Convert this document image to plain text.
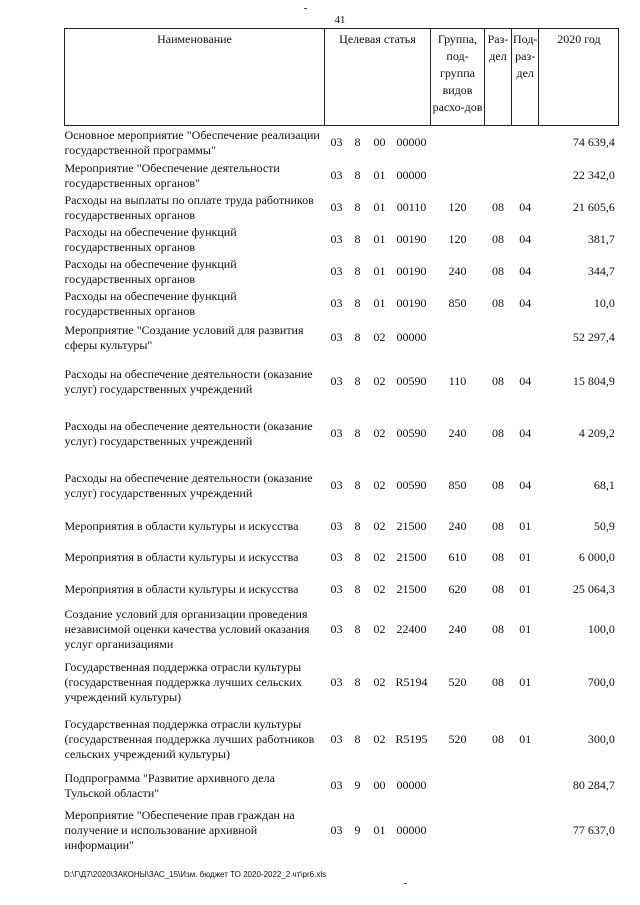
41
Наименование	Целевая статья				Группа, под-группа видов расхо-дов	Раз-дел	Под-раз-дел	2020 год
Основное мероприятие "Обеспечение реализации государственной программы"	03	8	00	00000				74 639,4
Мероприятие "Обеспечение деятельности государственных органов"	03	8	01	00000				22 342,0
Расходы на выплаты по оплате труда работников государственных органов	03	8	01	00110	120	08	04	21 605,6
Расходы на обеспечение функций государственных органов	03	8	01	00190	120	08	04	381,7
Расходы на обеспечение функций государственных органов	03	8	01	00190	240	08	04	344,7
Расходы на обеспечение функций государственных органов	03	8	01	00190	850	08	04	10,0
Мероприятие "Создание условий для развития сферы культуры"	03	8	02	00000				52 297,4
Расходы на обеспечение деятельности (оказание услуг) государственных учреждений	03	8	02	00590	110	08	04	15 804,9
Расходы на обеспечение деятельности (оказание услуг) государственных учреждений	03	8	02	00590	240	08	04	4 209,2
Расходы на обеспечение деятельности (оказание услуг) государственных учреждений	03	8	02	00590	850	08	04	68,1
Мероприятия в области культуры и искусства	03	8	02	21500	240	08	01	50,9
Мероприятия в области культуры и искусства	03	8	02	21500	610	08	01	6 000,0
Мероприятия в области культуры и искусства	03	8	02	21500	620	08	01	25 064,3
Создание условий для организации проведения независимой оценки качества условий оказания услуг организациями	03	8	02	22400	240	08	01	100,0
Государственная поддержка отрасли культуры (государственная поддержка лучших сельских учреждений культуры)	03	8	02	R5194	520	08	01	700,0
Государственная поддержка отрасли культуры (государственная поддержка лучших работников сельских учреждений культуры)	03	8	02	R5195	520	08	01	300,0
Подпрограмма "Развитие архивного дела Тульской области"	03	9	00	00000				80 284,7
Мероприятие "Обеспечение прав граждан на получение и использование архивной информации"	03	9	01	00000				77 637,0
D:\Г\Д7\2020\ЗАКОНЫ\ЗАС_15\Изм. бюджет ТО 2020-2022_2 чт\pr6.xls
